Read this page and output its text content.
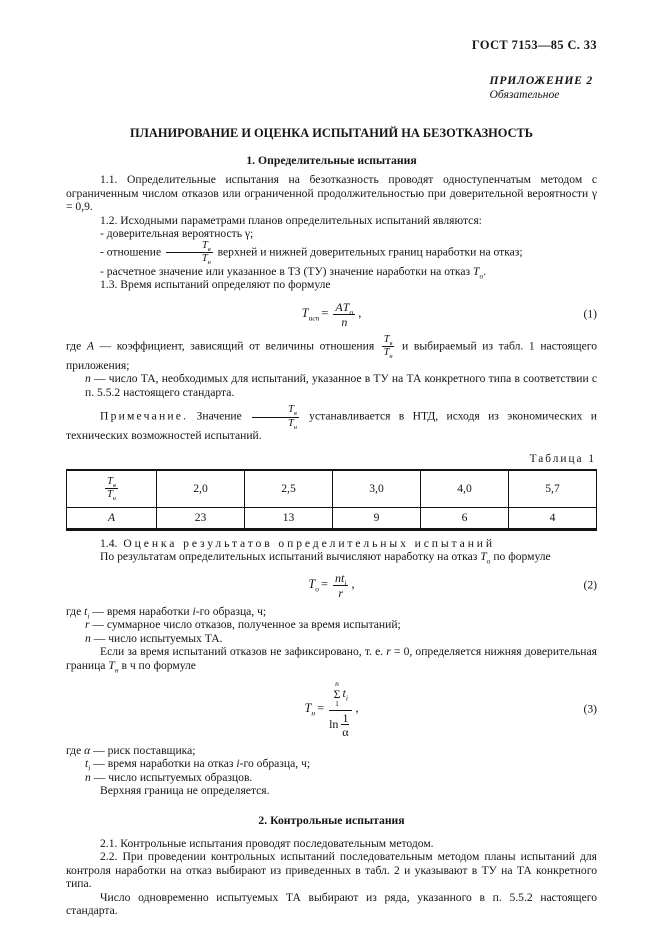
ГОСТ 7153—85 С. 33
ПРИЛОЖЕНИЕ 2
Обязательное
ПЛАНИРОВАНИЕ И ОЦЕНКА ИСПЫТАНИЙ НА БЕЗОТКАЗНОСТЬ
1. Определительные испытания

1.1. Определительные испытания на безотказность проводят одноступенчатым методом с ограниченным числом отказов или ограниченной продолжительностью при доверительной вероятности γ = 0,9.

1.2. Исходными параметрами планов определительных испытаний являются:

- доверительная вероятность γ;

- отношение $\frac{Т_в}{Т_н}$ верхней и нижней доверительных границ наработки на отказ;

- расчетное значение или указанное в ТЗ (ТУ) значение наработки на отказ $Т_о$.

1.3. Время испытаний определяют по формуле

$Т_{исп} = \frac{AТ_о}{n}$ ,	(1)

где A — коэффициент, зависящий от величины отношения $\frac{Т_в}{Т_н}$ и выбираемый из табл. 1 настоящего приложения;

n — число ТА, необходимых для испытаний, указанное в ТУ на ТА конкретного типа в соответствии с п. 5.5.2 настоящего стандарта.

Примечание. Значение $\frac{Т_в}{Т_н}$ устанавливается в НТД, исходя из экономических и технических возможностей испытаний.

Таблица 1
$\frac{Т_в}{Т_н}$	2,0	2,5	3,0	4,0	5,7
А	23	13	9	6	4

1.4. Оценка результатов определительных испытаний

По результатам определительных испытаний вычисляют наработку на отказ $Т_о$ по формуле

$Т_о = \frac{nt_i}{r}$ ,	(2)

где $t_i$ — время наработки i-го образца, ч;

r — суммарное число отказов, полученное за время испытаний;

n — число испытуемых ТА.

Если за время испытаний отказов не зафиксировано, т. е. r = 0, определяется нижняя доверительная граница $Т_н$ в ч по формуле

$Т_н = n$
Σ
1
$t_i$
$\ln \frac{1}{\alpha}$ ,	(3)

где α — риск поставщика;

$t_i$ — время наработки на отказ i-го образца, ч;

n — число испытуемых образцов.

Верхняя граница не определяется.

2. Контрольные испытания

2.1. Контрольные испытания проводят последовательным методом.

2.2. При проведении контрольных испытаний последовательным методом планы испытаний для контроля наработки на отказ выбирают из приведенных в табл. 2 и указывают в ТУ на ТА конкретного типа.

Число одновременно испытуемых ТА выбирают из ряда, указанного в п. 5.5.2 настоящего стандарта.
